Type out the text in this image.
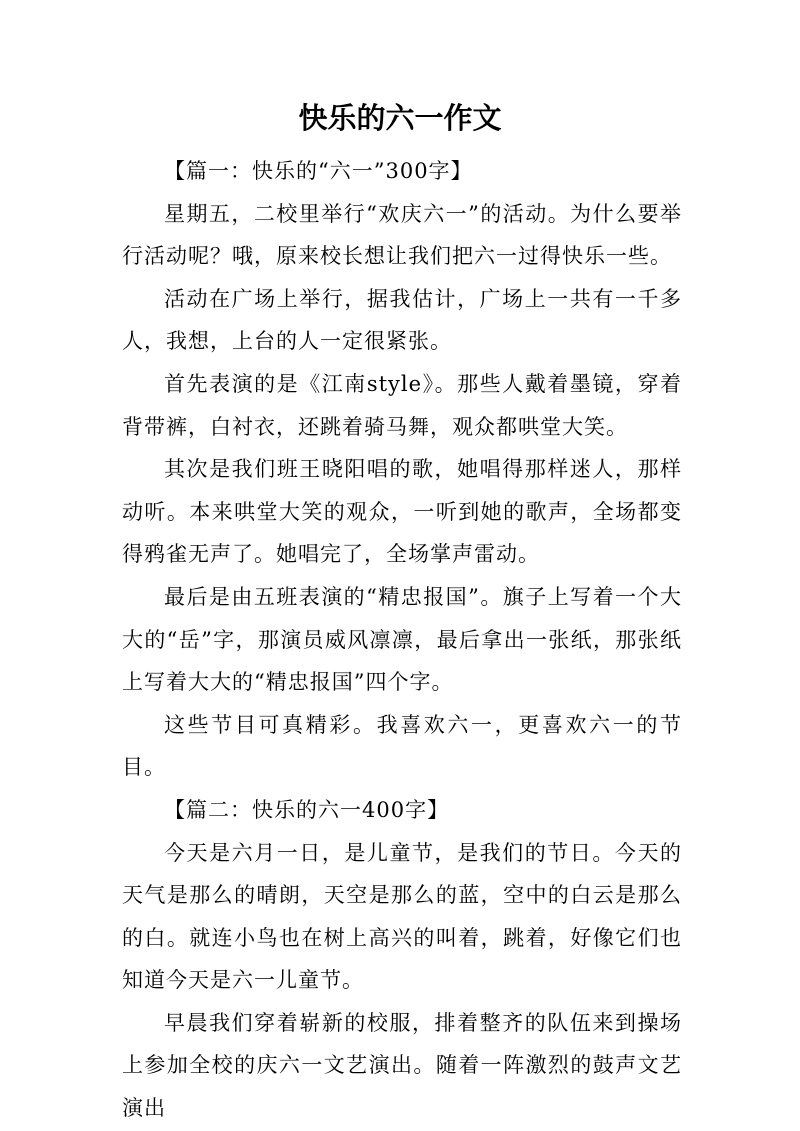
快乐的六一作文

【篇一：快乐的“六一”300字】

星期五，二校里举行“欢庆六一”的活动。为什么要举行活动呢？哦，原来校长想让我们把六一过得快乐一些。

活动在广场上举行，据我估计，广场上一共有一千多人，我想，上台的人一定很紧张。

首先表演的是《江南style》。那些人戴着墨镜，穿着背带裤，白衬衣，还跳着骑马舞，观众都哄堂大笑。

其次是我们班王晓阳唱的歌，她唱得那样迷人，那样动听。本来哄堂大笑的观众，一听到她的歌声，全场都变得鸦雀无声了。她唱完了，全场掌声雷动。

最后是由五班表演的“精忠报国”。旗子上写着一个大大的“岳”字，那演员威风凛凛，最后拿出一张纸，那张纸上写着大大的“精忠报国”四个字。

这些节目可真精彩。我喜欢六一，更喜欢六一的节目。

【篇二：快乐的六一400字】

今天是六月一日，是儿童节，是我们的节日。今天的天气是那么的晴朗，天空是那么的蓝，空中的白云是那么的白。就连小鸟也在树上高兴的叫着，跳着，好像它们也知道今天是六一儿童节。

早晨我们穿着崭新的校服，排着整齐的队伍来到操场上参加全校的庆六一文艺演出。随着一阵激烈的鼓声文艺演出
